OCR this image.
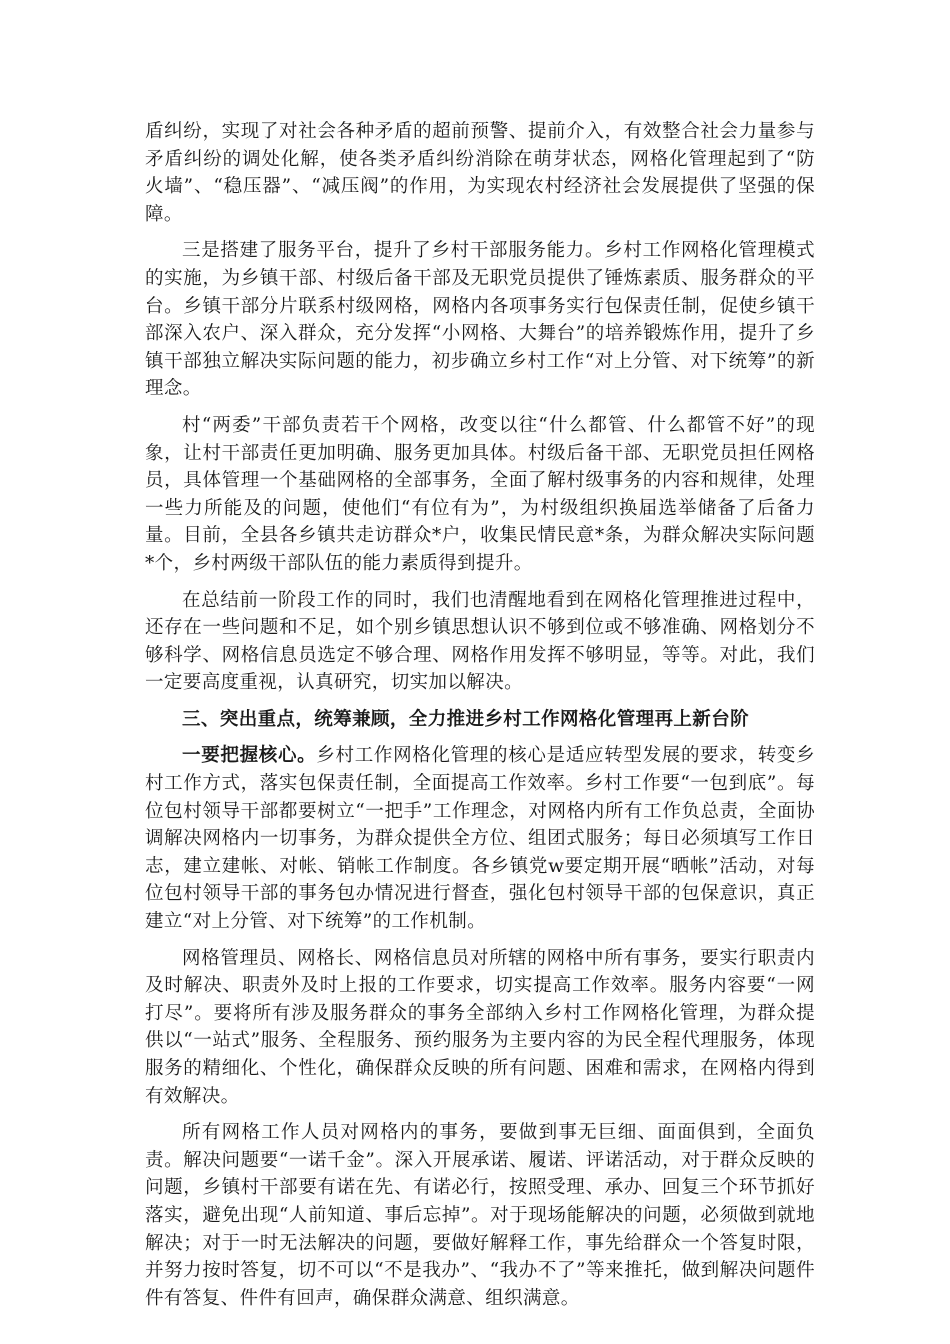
盾纠纷，实现了对社会各种矛盾的超前预警、提前介入，有效整合社会力量参与矛盾纠纷的调处化解，使各类矛盾纠纷消除在萌芽状态，网格化管理起到了“防火墙”、“稳压器”、“减压阀”的作用，为实现农村经济社会发展提供了坚强的保障。

三是搭建了服务平台，提升了乡村干部服务能力。乡村工作网格化管理模式的实施，为乡镇干部、村级后备干部及无职党员提供了锤炼素质、服务群众的平台。乡镇干部分片联系村级网格，网格内各项事务实行包保责任制，促使乡镇干部深入农户、深入群众，充分发挥“小网格、大舞台”的培养锻炼作用，提升了乡镇干部独立解决实际问题的能力，初步确立乡村工作“对上分管、对下统筹”的新理念。

村“两委”干部负责若干个网格，改变以往“什么都管、什么都管不好”的现象，让村干部责任更加明确、服务更加具体。村级后备干部、无职党员担任网格员，具体管理一个基础网格的全部事务，全面了解村级事务的内容和规律，处理一些力所能及的问题，使他们“有位有为”，为村级组织换届选举储备了后备力量。目前，全县各乡镇共走访群众*户，收集民情民意*条，为群众解决实际问题*个，乡村两级干部队伍的能力素质得到提升。

在总结前一阶段工作的同时，我们也清醒地看到在网格化管理推进过程中，还存在一些问题和不足，如个别乡镇思想认识不够到位或不够准确、网格划分不够科学、网格信息员选定不够合理、网格作用发挥不够明显，等等。对此，我们一定要高度重视，认真研究，切实加以解决。

三、突出重点，统筹兼顾，全力推进乡村工作网格化管理再上新台阶

一要把握核心。乡村工作网格化管理的核心是适应转型发展的要求，转变乡村工作方式，落实包保责任制，全面提高工作效率。乡村工作要“一包到底”。每位包村领导干部都要树立“一把手”工作理念，对网格内所有工作负总责，全面协调解决网格内一切事务，为群众提供全方位、组团式服务；每日必须填写工作日志，建立建帐、对帐、销帐工作制度。各乡镇党w要定期开展“晒帐”活动，对每位包村领导干部的事务包办情况进行督查，强化包村领导干部的包保意识，真正建立“对上分管、对下统筹”的工作机制。

网格管理员、网格长、网格信息员对所辖的网格中所有事务，要实行职责内及时解决、职责外及时上报的工作要求，切实提高工作效率。服务内容要“一网打尽”。要将所有涉及服务群众的事务全部纳入乡村工作网格化管理，为群众提供以“一站式”服务、全程服务、预约服务为主要内容的为民全程代理服务，体现服务的精细化、个性化，确保群众反映的所有问题、困难和需求，在网格内得到有效解决。

所有网格工作人员对网格内的事务，要做到事无巨细、面面俱到，全面负责。解决问题要“一诺千金”。深入开展承诺、履诺、评诺活动，对于群众反映的问题，乡镇村干部要有诺在先、有诺必行，按照受理、承办、回复三个环节抓好落实，避免出现“人前知道、事后忘掉”。对于现场能解决的问题，必须做到就地解决；对于一时无法解决的问题，要做好解释工作，事先给群众一个答复时限，并努力按时答复，切不可以“不是我办”、“我办不了”等来推托，做到解决问题件件有答复、件件有回声，确保群众满意、组织满意。
